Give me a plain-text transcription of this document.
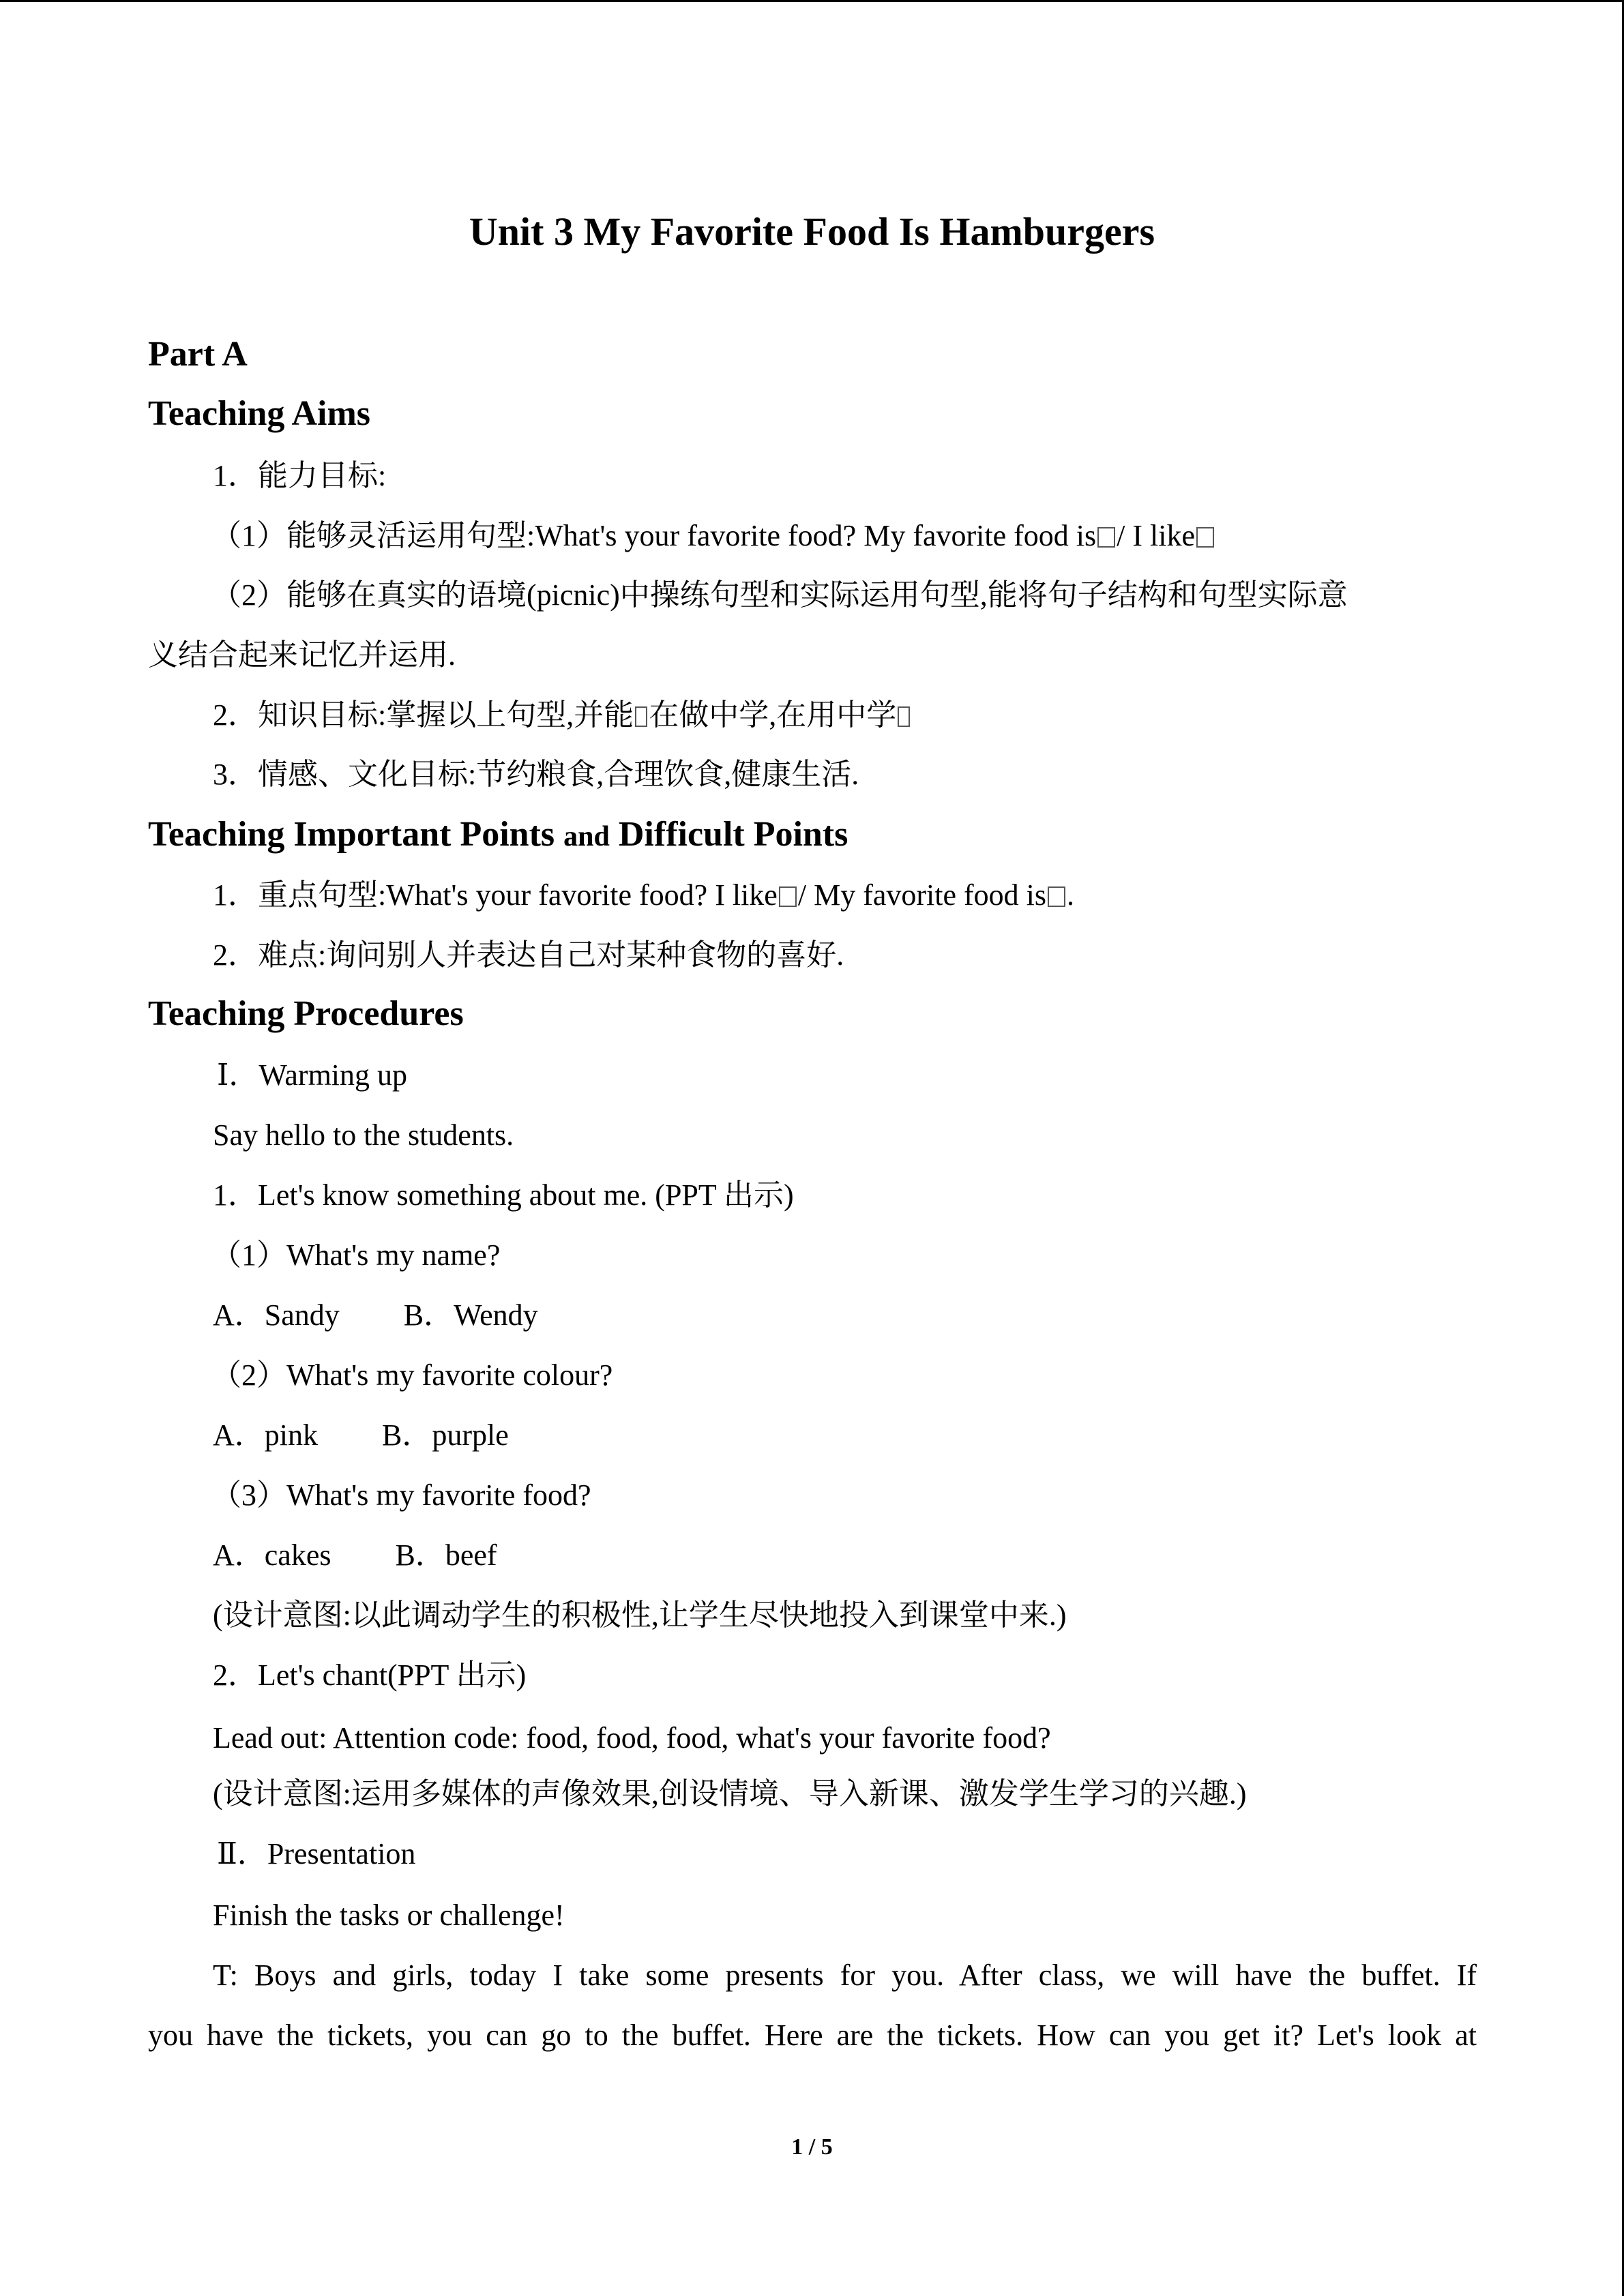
Unit 3 My Favorite Food Is Hamburgers

Part A

Teaching Aims

1．能力目标:

（1）能够灵活运用句型:What's your favorite food? My favorite food is / I like

（2）能够在真实的语境(picnic)中操练句型和实际运用句型,能将句子结构和句型实际意

义结合起来记忆并运用.

2．知识目标:掌握以上句型,并能 在做中学,在用中学

3．情感、文化目标:节约粮食,合理饮食,健康生活.

Teaching Important Points and Difficult Points

1．重点句型:What's your favorite food? I like / My favorite food is .

2．难点:询问别人并表达自己对某种食物的喜好.

Teaching Procedures

Ⅰ．Warming up

Say hello to the students.

1．Let's know something about me. (PPT 出示)

（1）What's my name?

A．Sandy B．Wendy

（2）What's my favorite colour?

A．pink B．purple

（3）What's my favorite food?

A．cakes B．beef

(设计意图:以此调动学生的积极性,让学生尽快地投入到课堂中来.)

2．Let's chant(PPT 出示)

Lead out: Attention code: food, food, food, what's your favorite food?

(设计意图:运用多媒体的声像效果,创设情境、导入新课、激发学生学习的兴趣.)

Ⅱ．Presentation

Finish the tasks or challenge!

T: Boys and girls, today I take some presents for you. After class, we will have the buffet. If

you have the tickets, you can go to the buffet. Here are the tickets. How can you get it? Let's look at

1 / 5
